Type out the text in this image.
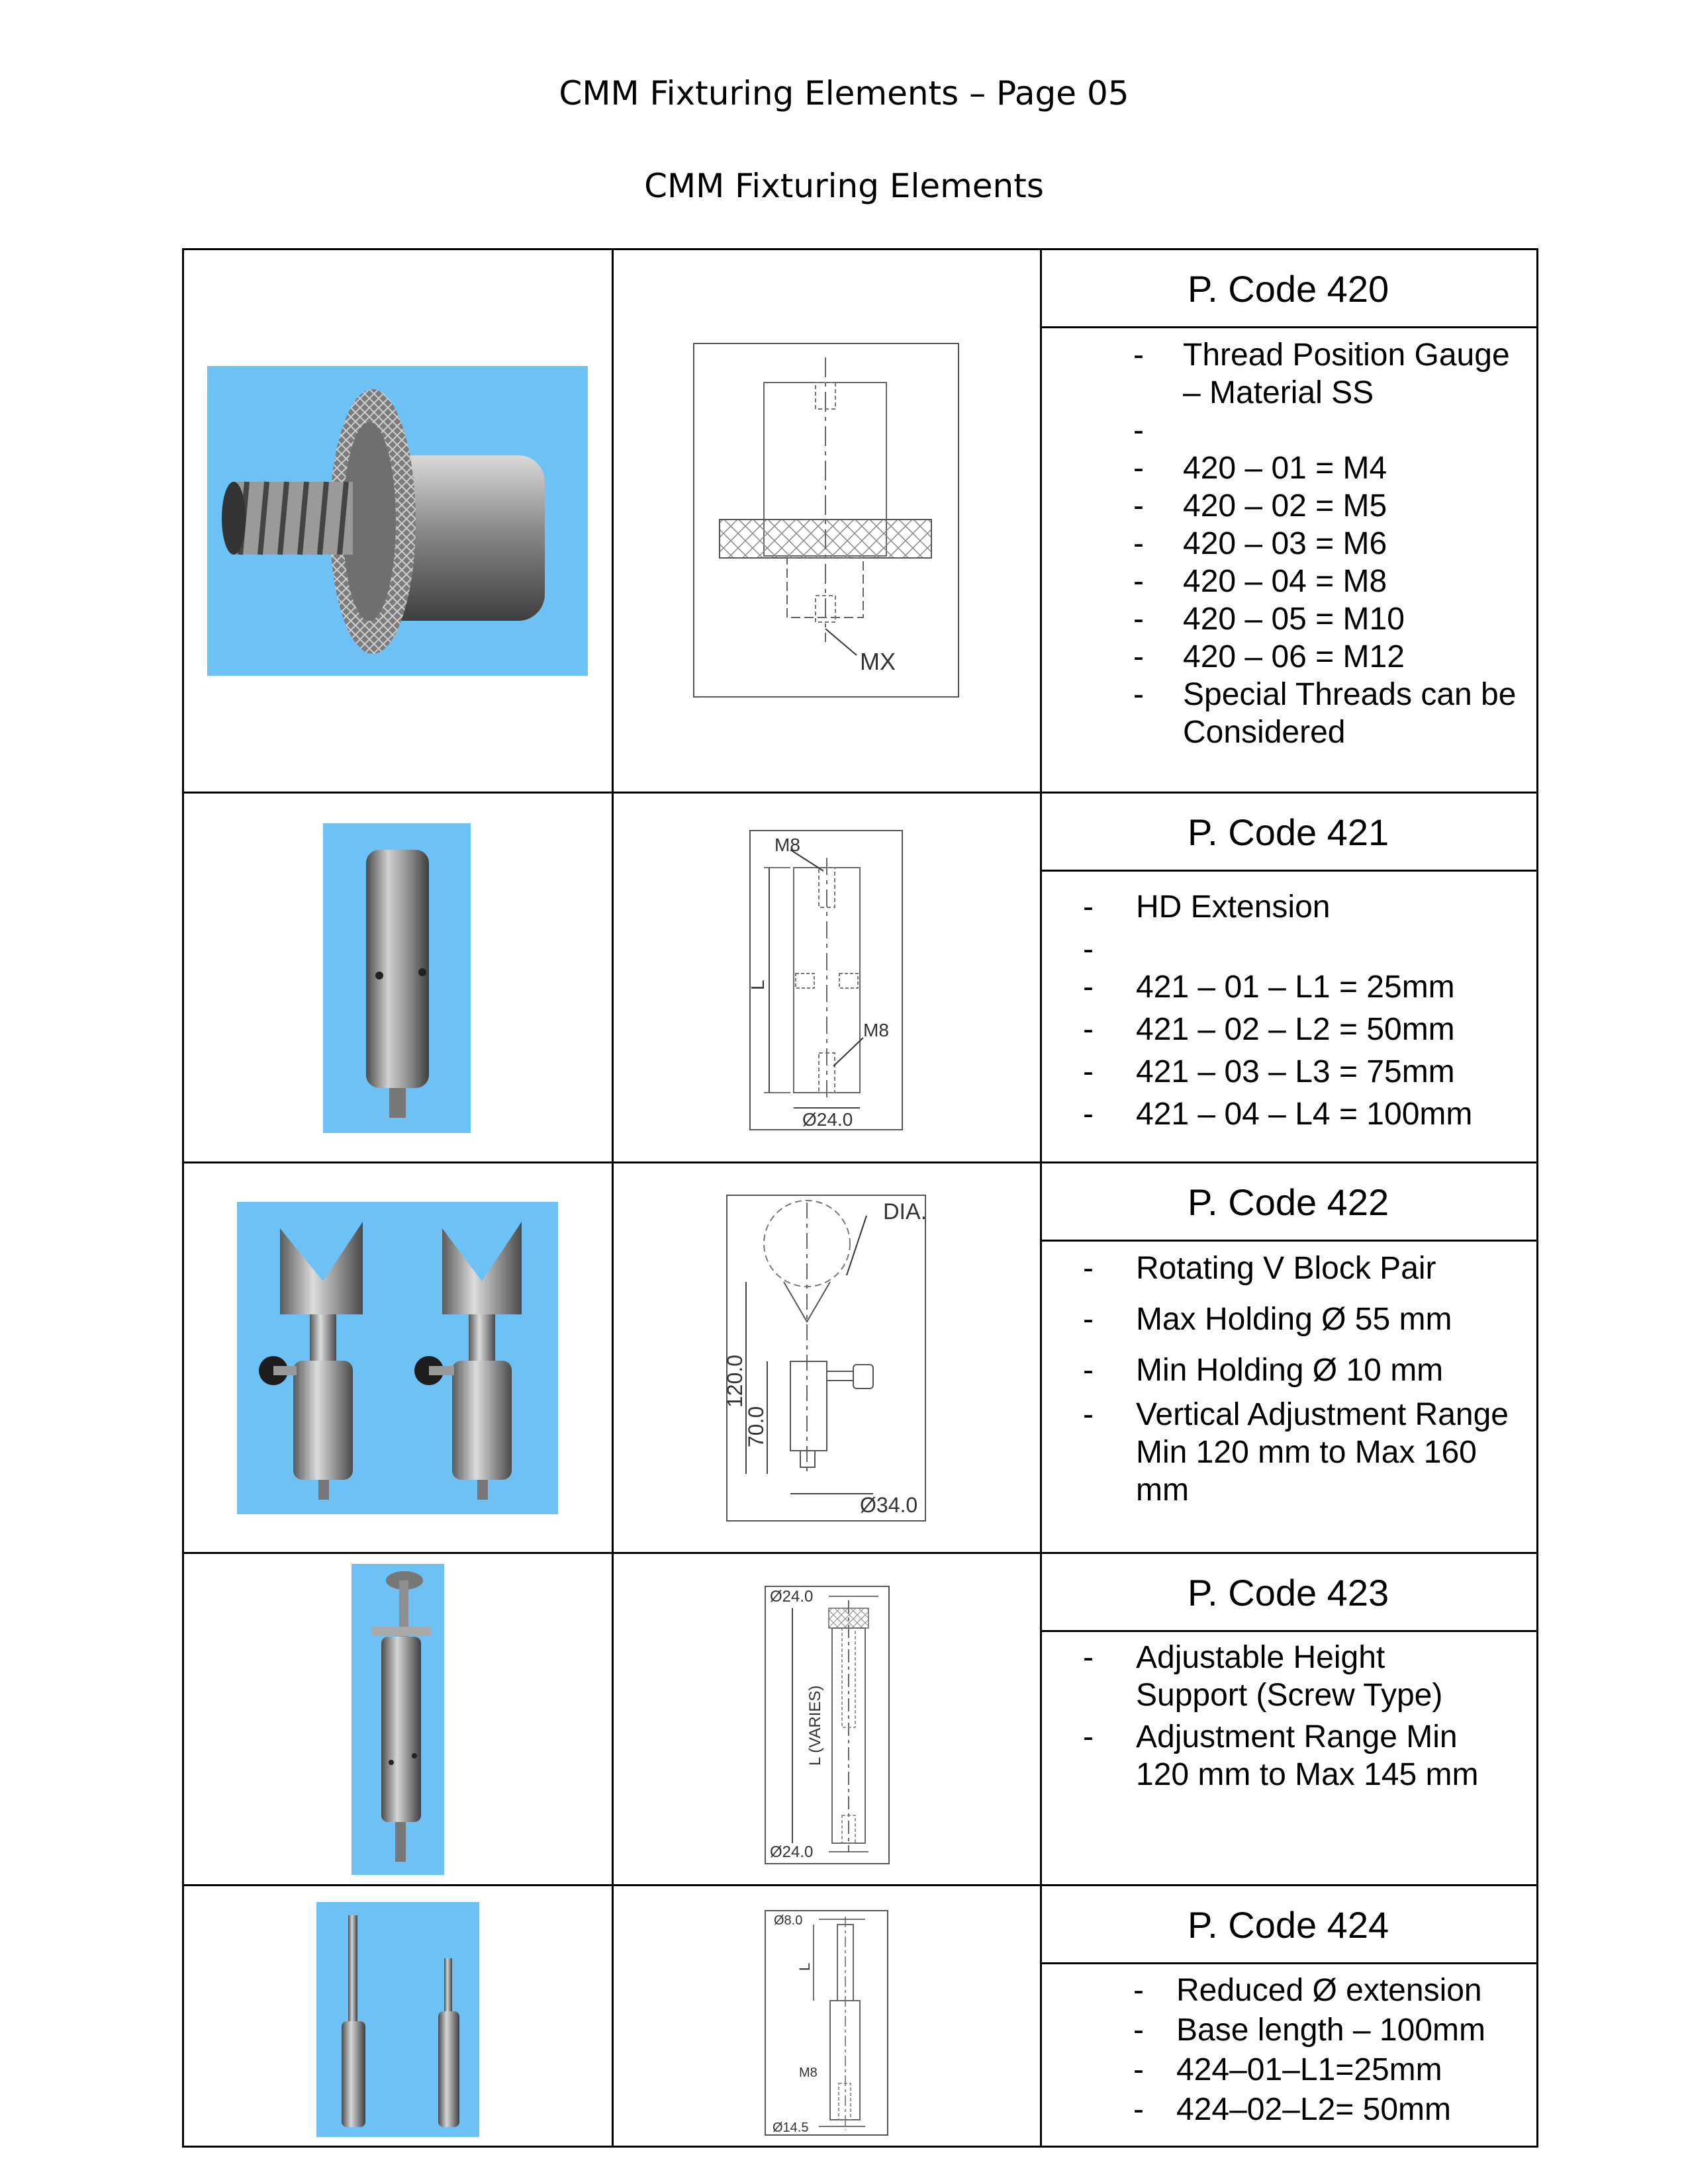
CMM Fixturing Elements – Page 05
CMM Fixturing Elements
MX
P. Code 420
- Thread Position Gauge – Material SS
-
- 420 – 01 = M4
- 420 – 02 = M5
- 420 – 03 = M6
- 420 – 04 = M8
- 420 – 05 = M10
- 420 – 06 = M12
- Special Threads can be Considered
M8
L
M8
Ø24.0
P. Code 421
- HD Extension
-
- 421 – 01 – L1 = 25mm
- 421 – 02 – L2 = 50mm
- 421 – 03 – L3 = 75mm
- 421 – 04 – L4 = 100mm
DIA.
120.0
70.0
Ø34.0
P. Code 422
- Rotating V Block Pair
- Max Holding Ø 55 mm
- Min Holding Ø 10 mm
- Vertical Adjustment Range Min 120 mm to Max 160 mm
Ø24.0
L (VARIES)
Ø24.0
P. Code 423
- Adjustable Height Support (Screw Type)
- Adjustment Range Min 120 mm to Max 145 mm
Ø8.0
L
M8
Ø14.5
P. Code 424
- Reduced Ø extension
- Base length – 100mm
- 424–01–L1=25mm
- 424–02–L2= 50mm
